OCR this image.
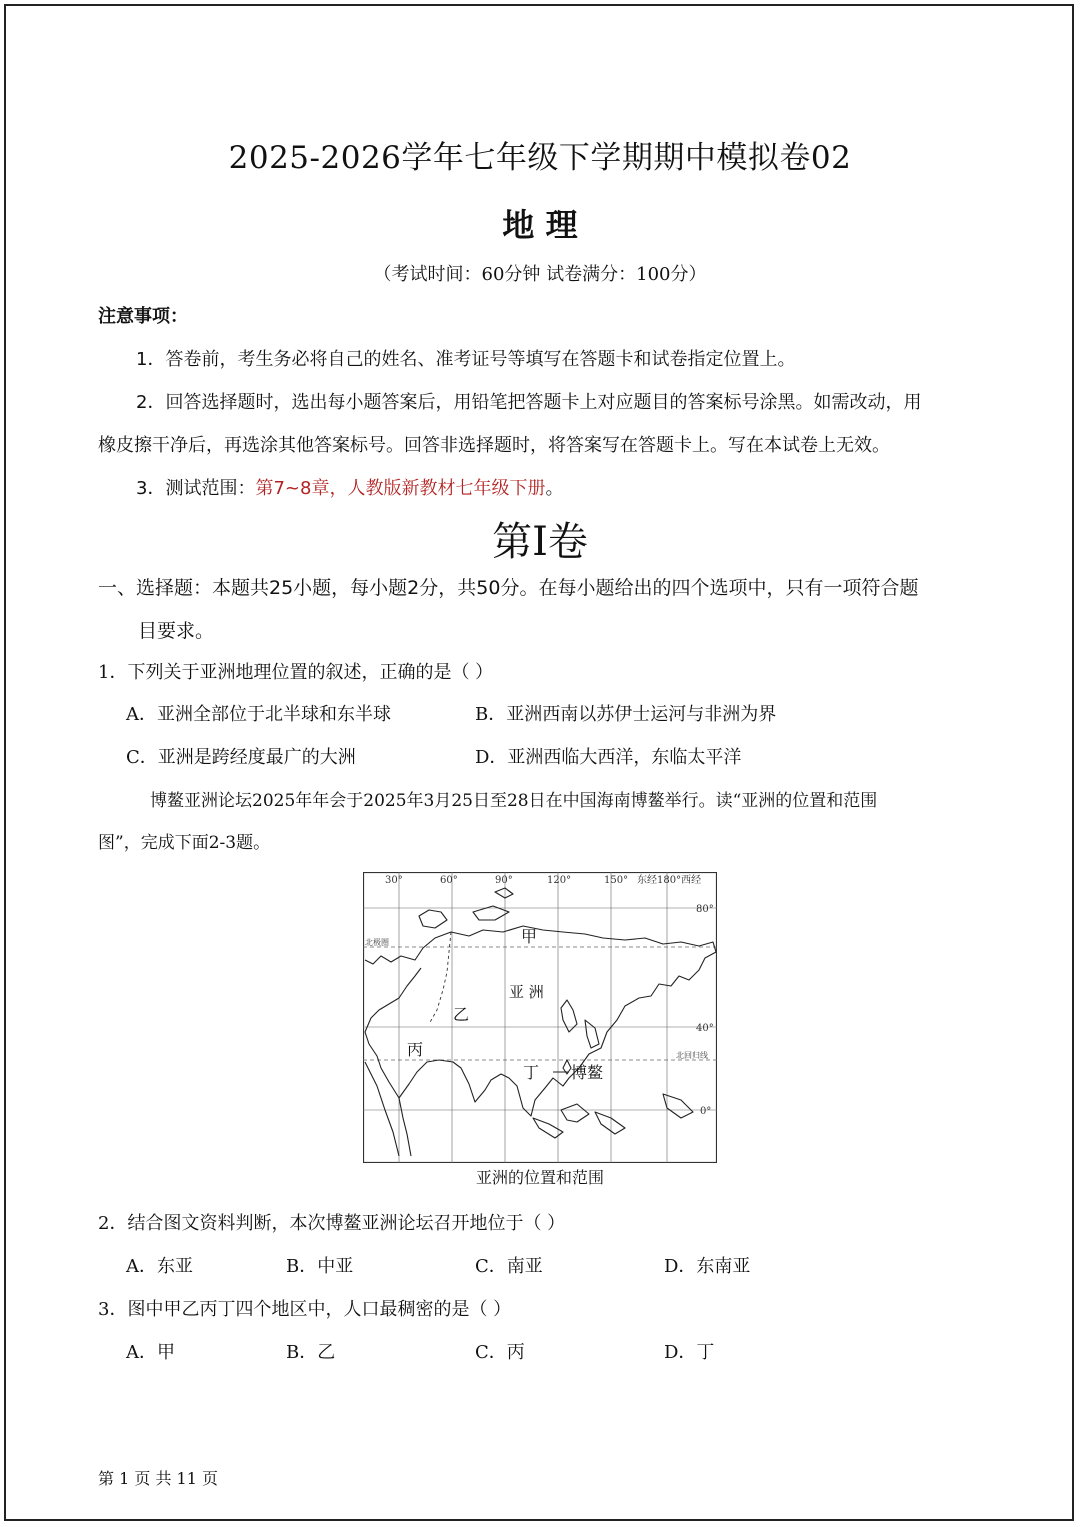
2025-2026学年七年级下学期期中模拟卷02
地 理
（考试时间：60分钟 试卷满分：100分）
注意事项：
1．答卷前，考生务必将自己的姓名、准考证号等填写在答题卡和试卷指定位置上。
2．回答选择题时，选出每小题答案后，用铅笔把答题卡上对应题目的答案标号涂黑。如需改动，用
橡皮擦干净后，再选涂其他答案标号。回答非选择题时，将答案写在答题卡上。写在本试卷上无效。
3．测试范围：第7~8章，人教版新教材七年级下册。
第I卷
一、选择题：本题共25小题，每小题2分，共50分。在每小题给出的四个选项中，只有一项符合题
目要求。
1．下列关于亚洲地理位置的叙述，正确的是（ ）
A．亚洲全部位于北半球和东半球	B．亚洲西南以苏伊士运河与非洲为界
C．亚洲是跨经度最广的大洲	D．亚洲西临大西洋，东临太平洋
博鳌亚洲论坛2025年年会于2025年3月25日至28日在中国海南博鳌举行。读“亚洲的位置和范围
图”，完成下面2-3题。
30°	60°	90°	120°	150° 东经180°西经
80°
40°
0°
北极圈
北回归线
甲
亚 洲
乙
丙
丁 博鳌
亚洲的位置和范围
2．结合图文资料判断，本次博鳌亚洲论坛召开地位于（ ）
A．东亚	B．中亚	C．南亚	D．东南亚
3．图中甲乙丙丁四个地区中，人口最稠密的是（ ）
A．甲	B．乙	C．丙	D．丁
第 1 页 共 11 页
